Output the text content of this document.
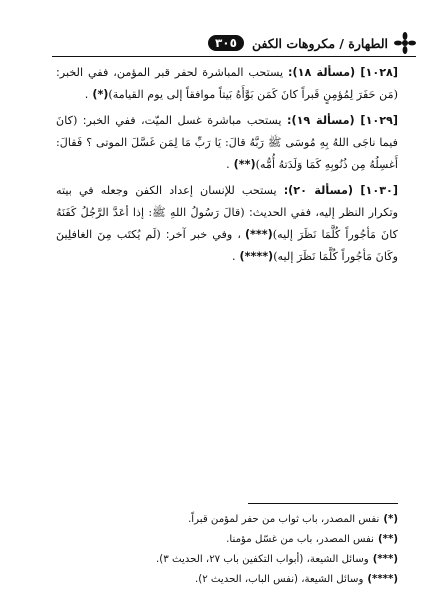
الطهارة / مكروهات الكفن
٣٠٥

[١٠٢٨] (مسألة ١٨): يستحب المباشرة لحفر قبر المؤمن، ففي الخبر: (مَن حَفَرَ لِمُؤمِنٍ قَبراً كانَ كَمَن بَوَّأَهُ بَيتاً موافقاً إلى يوم القيامة)(*).

[١٠٢٩] (مسألة ١٩): يستحب مباشرة غسل الميّت، ففي الخبر: (كانَ فيما ناجَى اللهُ بِهِ مُوسَى ﷺ رَبَّهُ قالَ: يَا رَبِّ مَا لِمَن غَسَّلَ الموتى ؟ فَقالَ: أَغسِلُهُ مِن ذُنُوبِهِ كَمَا وَلَدَتهُ أُمُّه)(**).

[١٠٣٠] (مسألة ٢٠): يستحب للإنسان إعداد الكفن وجعله في بيته وتكرار النظر إليه، ففي الحديث: (قالَ رَسُولُ اللهِ ﷺ: إذا أعَدَّ الرَّجُلُ كَفَنَهُ كانَ مَأجُوراً كُلَّمَا نَظَرَ إليه)(***)، وفي خبر آخر: (لَم يُكتَب مِنَ الغافلِينَ وكَانَ مَأجُوراً كُلَّمَا نَظَرَ إليه)(****).

(*)نفس المصدر، باب ثواب من حفر لمؤمن قبراً.
(**)نفس المصدر، باب من غسّل مؤمنا.
(***)وسائل الشيعة، (أبواب التكفين باب ٢٧، الحديث ٣).
(****)وسائل الشيعة، (نفس الباب، الحديث ٢).
